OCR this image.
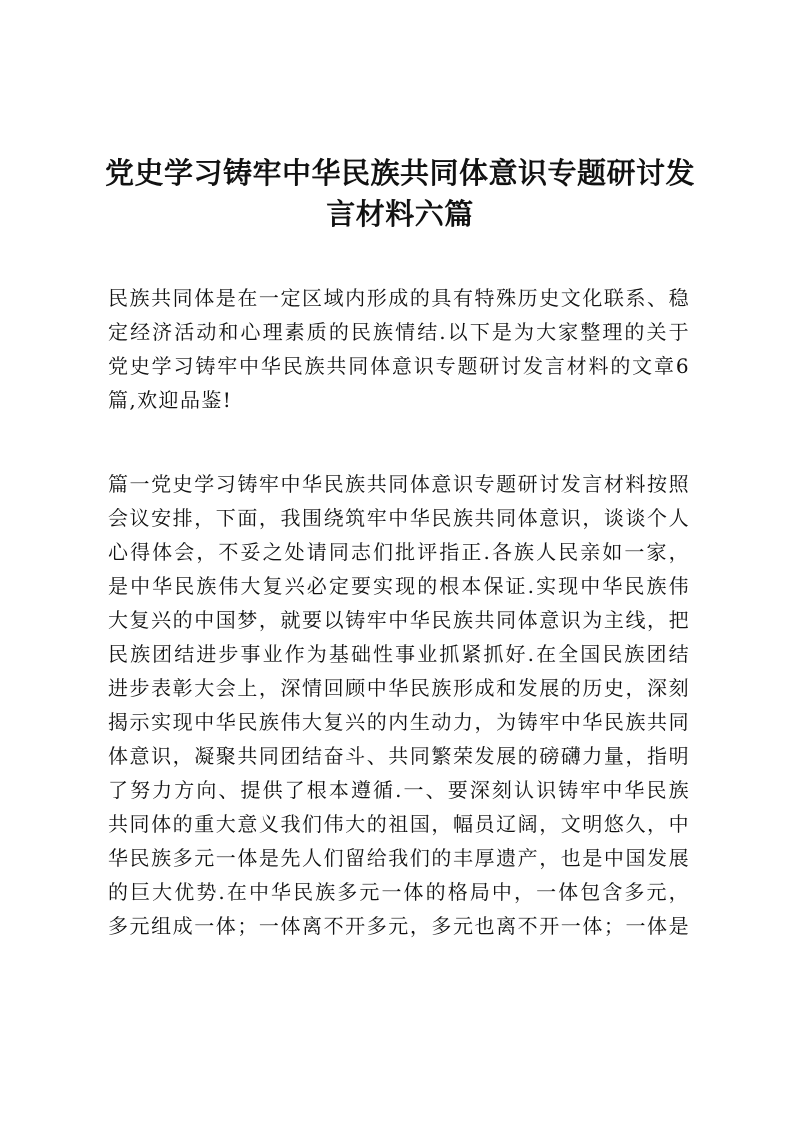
党史学习铸牢中华民族共同体意识专题研讨发
言材料六篇
民族共同体是在一定区域内形成的具有特殊历史文化联系、稳
定经济活动和心理素质的民族情结.以下是为大家整理的关于
党史学习铸牢中华民族共同体意识专题研讨发言材料的文章6
篇,欢迎品鉴!
篇一党史学习铸牢中华民族共同体意识专题研讨发言材料按照
会议安排，下面，我围绕筑牢中华民族共同体意识，谈谈个人
心得体会，不妥之处请同志们批评指正.各族人民亲如一家，
是中华民族伟大复兴必定要实现的根本保证.实现中华民族伟
大复兴的中国梦，就要以铸牢中华民族共同体意识为主线，把
民族团结进步事业作为基础性事业抓紧抓好.在全国民族团结
进步表彰大会上，深情回顾中华民族形成和发展的历史，深刻
揭示实现中华民族伟大复兴的内生动力，为铸牢中华民族共同
体意识，凝聚共同团结奋斗、共同繁荣发展的磅礴力量，指明
了努力方向、提供了根本遵循.一、要深刻认识铸牢中华民族
共同体的重大意义我们伟大的祖国，幅员辽阔，文明悠久，中
华民族多元一体是先人们留给我们的丰厚遗产，也是中国发展
的巨大优势.在中华民族多元一体的格局中，一体包含多元，
多元组成一体；一体离不开多元，多元也离不开一体；一体是
